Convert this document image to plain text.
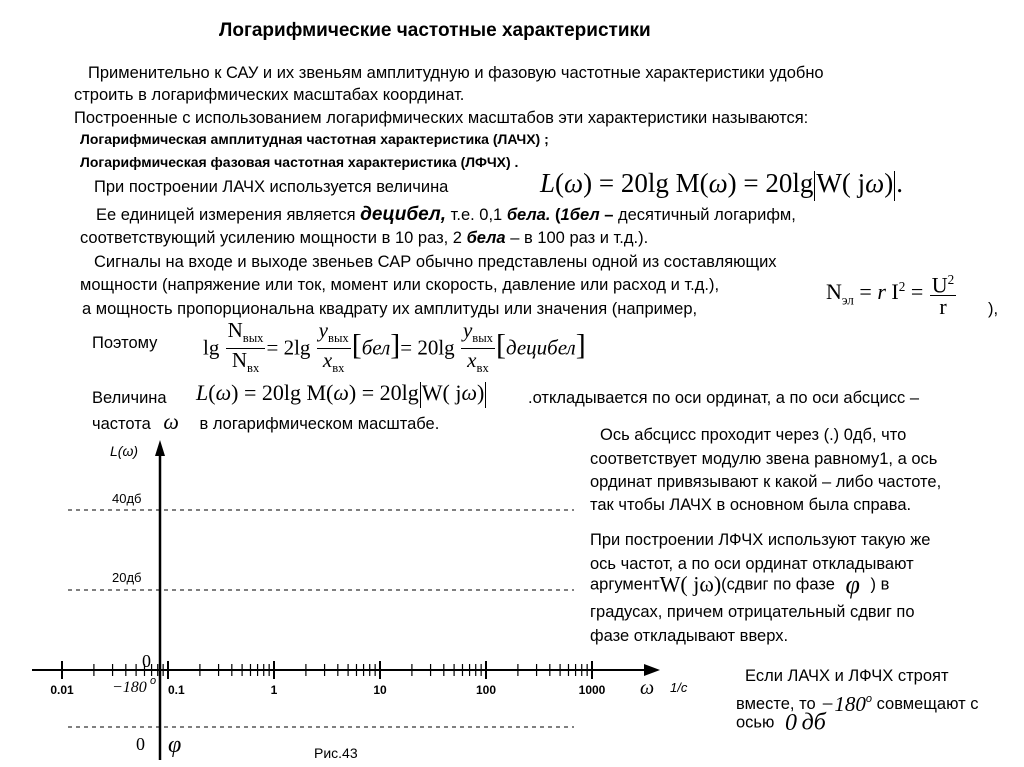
Логарифмические частотные характеристики
Применительно к САУ и их звеньям амплитудную и фазовую частотные характеристики удобно
строить в логарифмических масштабах координат.
Построенные с использованием логарифмических масштабов эти характеристики называются:
Логарифмическая амплитудная частотная характеристика (ЛАЧХ) ;
Логарифмическая фазовая частотная характеристика (ЛФЧХ) .
При построении ЛАЧХ используется величина	L(ω) = 20lg M(ω) = 20lg W( jω) .
Ее единицей измерения является децибел, т.е. 0,1 бела. (1бел – десятичный логарифм,
соответствующий усилению мощности в 10 раз, 2 бела – в 100 раз и т.д.).
Сигналы на входе и выходе звеньев САР обычно представлены одной из составляющих
мощности (напряжение или ток, момент или скорость, давление или расход и т.д.),
а мощность пропорциональна квадрату их амплитуды или значения (например,
$N_{эл} = r$ $I^2 = \frac{U^2}{r}$ ),
Поэтому $\lg \frac{N_{вых}}{N_{вх}} = 2\lg \frac{y_{вых}}{x_{вх}} [бел]= 20\lg \frac{y_{вых}}{x_{вх}}$ [децибел]
Величина L(ω) = 20lg M(ω) = 20lg W( jω)	.откладывается по оси ординат, а по оси абсцисс –
частота ω в логарифмическом масштабе.
0.01	0.1	1	10	100	1000
L(ω)
40дб
20дб
0
−180 o
0 φ
ω 1/c
Рис.43
Ось абсцисс проходит через (.) 0дб, что
соответствует модулю звена равному1, а ось
ординат привязывают к какой – либо частоте,
так чтобы ЛАЧХ в основном была справа.
При построении ЛФЧХ используют такую же
ось частот, а по оси ординат откладывают
аргументW( jω)(сдвиг по фазе φ ) в
градусах, причем отрицательный сдвиг по
фазе откладывают вверх.
Если ЛАЧХ и ЛФЧХ строят
вместе, то $-180^o$ совмещают с
осью 0 дб
